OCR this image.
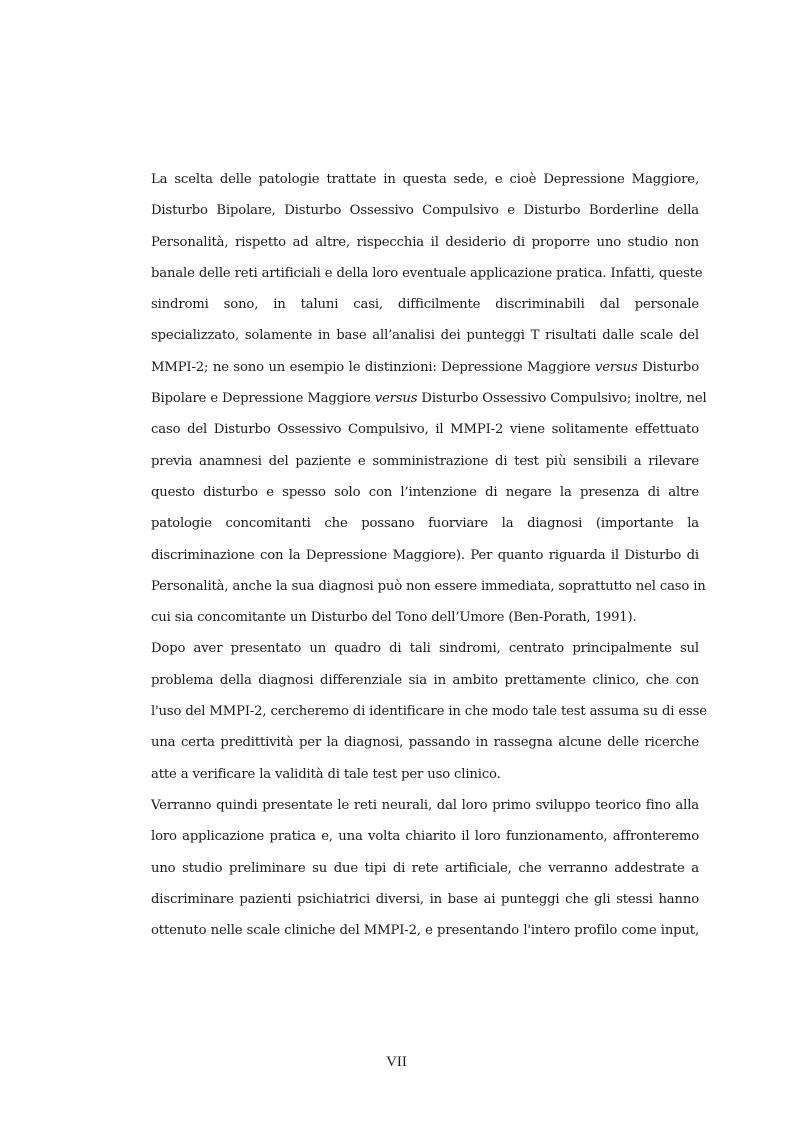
La scelta delle patologie trattate in questa sede, e cioè Depressione Maggiore,
Disturbo Bipolare, Disturbo Ossessivo Compulsivo e Disturbo Borderline della
Personalità, rispetto ad altre, rispecchia il desiderio di proporre uno studio non
banale delle reti artificiali e della loro eventuale applicazione pratica. Infatti, queste
sindromi sono, in taluni casi, difficilmente discriminabili dal personale
specializzato, solamente in base all’analisi dei punteggi T risultati dalle scale del
MMPI-2; ne sono un esempio le distinzioni: Depressione Maggiore versus Disturbo
Bipolare e Depressione Maggiore versus Disturbo Ossessivo Compulsivo; inoltre, nel
caso del Disturbo Ossessivo Compulsivo, il MMPI-2 viene solitamente effettuato
previa anamnesi del paziente e somministrazione di test più sensibili a rilevare
questo disturbo e spesso solo con l’intenzione di negare la presenza di altre
patologie concomitanti che possano fuorviare la diagnosi (importante la
discriminazione con la Depressione Maggiore). Per quanto riguarda il Disturbo di
Personalità, anche la sua diagnosi può non essere immediata, soprattutto nel caso in
cui sia concomitante un Disturbo del Tono dell’Umore (Ben-Porath, 1991).
Dopo aver presentato un quadro di tali sindromi, centrato principalmente sul
problema della diagnosi differenziale sia in ambito prettamente clinico, che con
l'uso del MMPI-2, cercheremo di identificare in che modo tale test assuma su di esse
una certa predittività per la diagnosi, passando in rassegna alcune delle ricerche
atte a verificare la validità di tale test per uso clinico.
Verranno quindi presentate le reti neurali, dal loro primo sviluppo teorico fino alla
loro applicazione pratica e, una volta chiarito il loro funzionamento, affronteremo
uno studio preliminare su due tipi di rete artificiale, che verranno addestrate a
discriminare pazienti psichiatrici diversi, in base ai punteggi che gli stessi hanno
ottenuto nelle scale cliniche del MMPI-2, e presentando l'intero profilo come input,
VII
